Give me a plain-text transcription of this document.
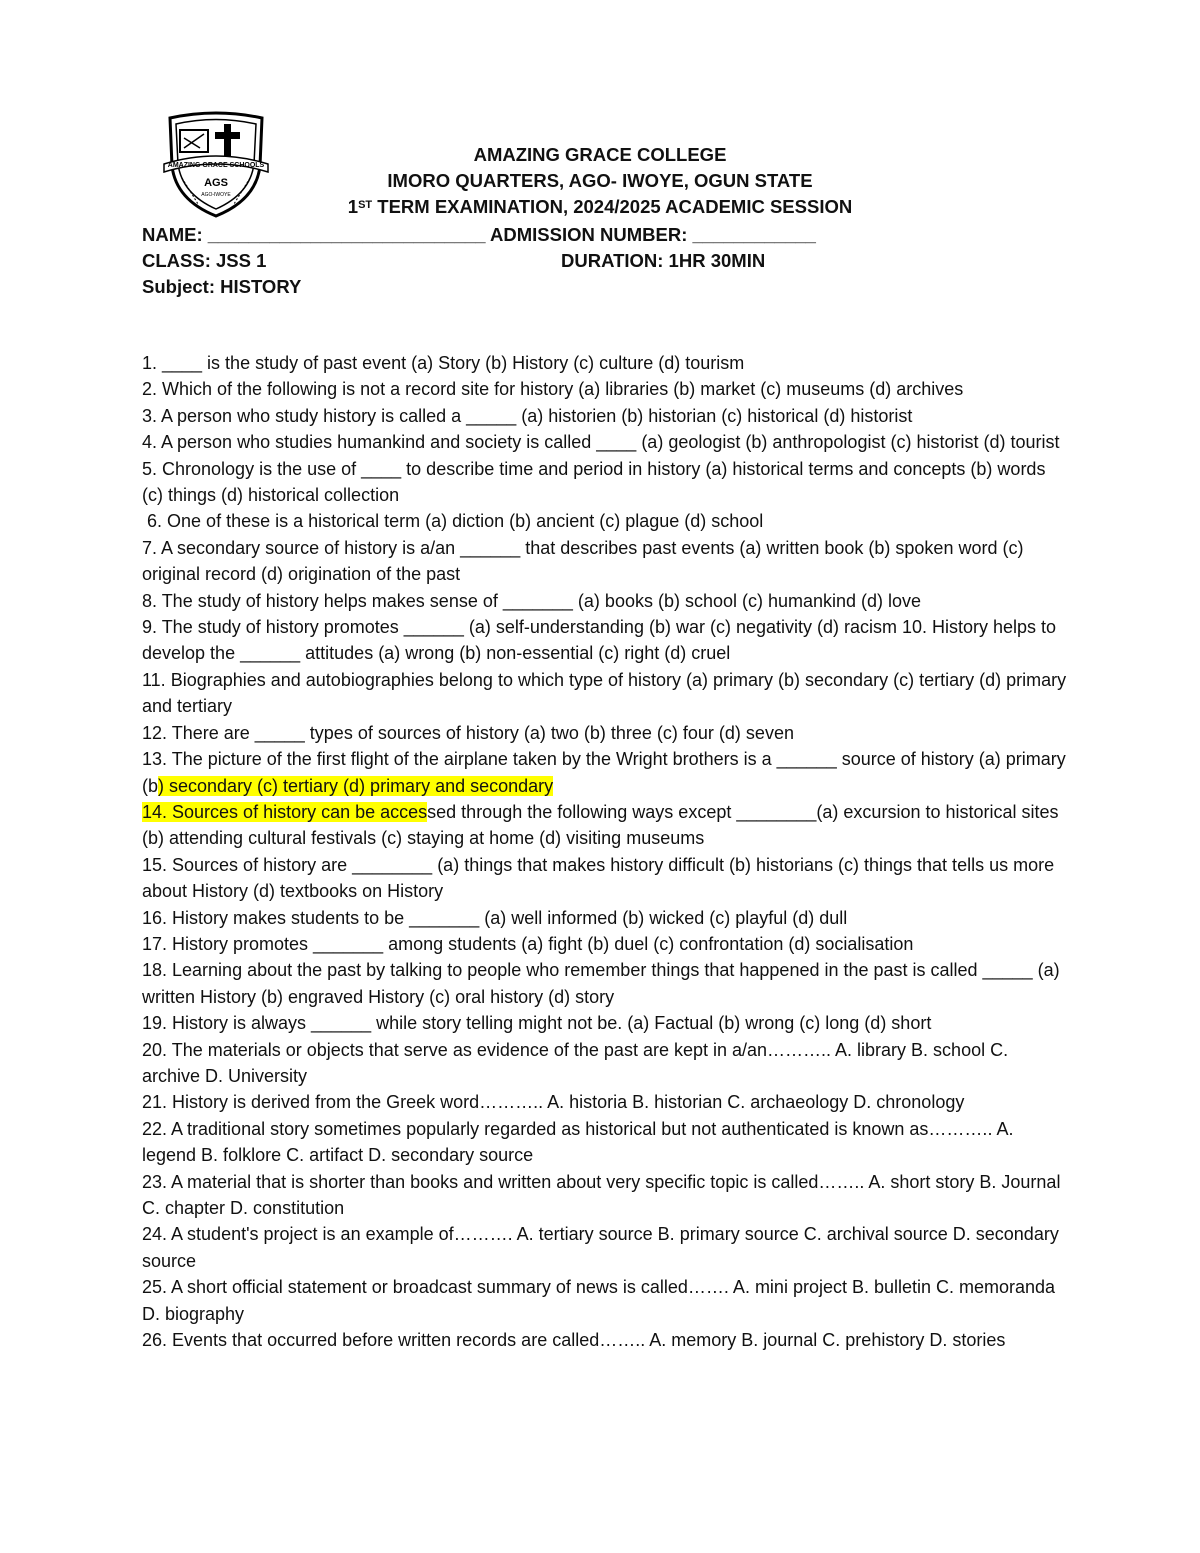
AMAZING GRACE SCHOOLS
AGS
AGO-IWOYE
AMAZING GRACE COLLEGE
IMORO QUARTERS, AGO- IWOYE, OGUN STATE
1ST TERM EXAMINATION, 2024/2025 ACADEMIC SESSION
NAME: ___________________________ ADMISSION NUMBER: ____________
CLASS: JSS 1	DURATION: 1HR 30MIN
Subject: HISTORY

1. ____ is the study of past event (a) Story (b) History (c) culture (d) tourism

2. Which of the following is not a record site for history (a) libraries (b) market (c) museums (d) archives

3. A person who study history is called a _____ (a) historien (b) historian (c) historical (d) historist

4. A person who studies humankind and society is called ____ (a) geologist (b) anthropologist (c) historist (d) tourist

5. Chronology is the use of ____ to describe time and period in history (a) historical terms and concepts (b) words (c) things (d) historical collection

6. One of these is a historical term (a) diction (b) ancient (c) plague (d) school

7. A secondary source of history is a/an ______ that describes past events (a) written book (b) spoken word (c) original record (d) origination of the past

8. The study of history helps makes sense of _______ (a) books (b) school (c) humankind (d) love

9. The study of history promotes ______ (a) self-understanding (b) war (c) negativity (d) racism 10. History helps to develop the ______ attitudes (a) wrong (b) non-essential (c) right (d) cruel

11. Biographies and autobiographies belong to which type of history (a) primary (b) secondary (c) tertiary (d) primary and tertiary

12. There are _____ types of sources of history (a) two (b) three (c) four (d) seven

13. The picture of the first flight of the airplane taken by the Wright brothers is a ______ source of history (a) primary (b) secondary (c) tertiary (d) primary and secondary

14. Sources of history can be accessed through the following ways except ________(a) excursion to historical sites (b) attending cultural festivals (c) staying at home (d) visiting museums

15. Sources of history are ________ (a) things that makes history difficult (b) historians (c) things that tells us more about History (d) textbooks on History

16. History makes students to be _______ (a) well informed (b) wicked (c) playful (d) dull

17. History promotes _______ among students (a) fight (b) duel (c) confrontation (d) socialisation

18. Learning about the past by talking to people who remember things that happened in the past is called _____ (a) written History (b) engraved History (c) oral history (d) story

19. History is always ______ while story telling might not be. (a) Factual (b) wrong (c) long (d) short

20. The materials or objects that serve as evidence of the past are kept in a/an……….. A. library B. school C. archive D. University

21. History is derived from the Greek word……….. A. historia B. historian C. archaeology D. chronology

22. A traditional story sometimes popularly regarded as historical but not authenticated is known as……….. A. legend B. folklore C. artifact D. secondary source

23. A material that is shorter than books and written about very specific topic is called…….. A. short story B. Journal C. chapter D. constitution

24. A student's project is an example of………. A. tertiary source B. primary source C. archival source D. secondary source

25. A short official statement or broadcast summary of news is called……. A. mini project B. bulletin C. memoranda D. biography

26. Events that occurred before written records are called…….. A. memory B. journal C. prehistory D. stories
